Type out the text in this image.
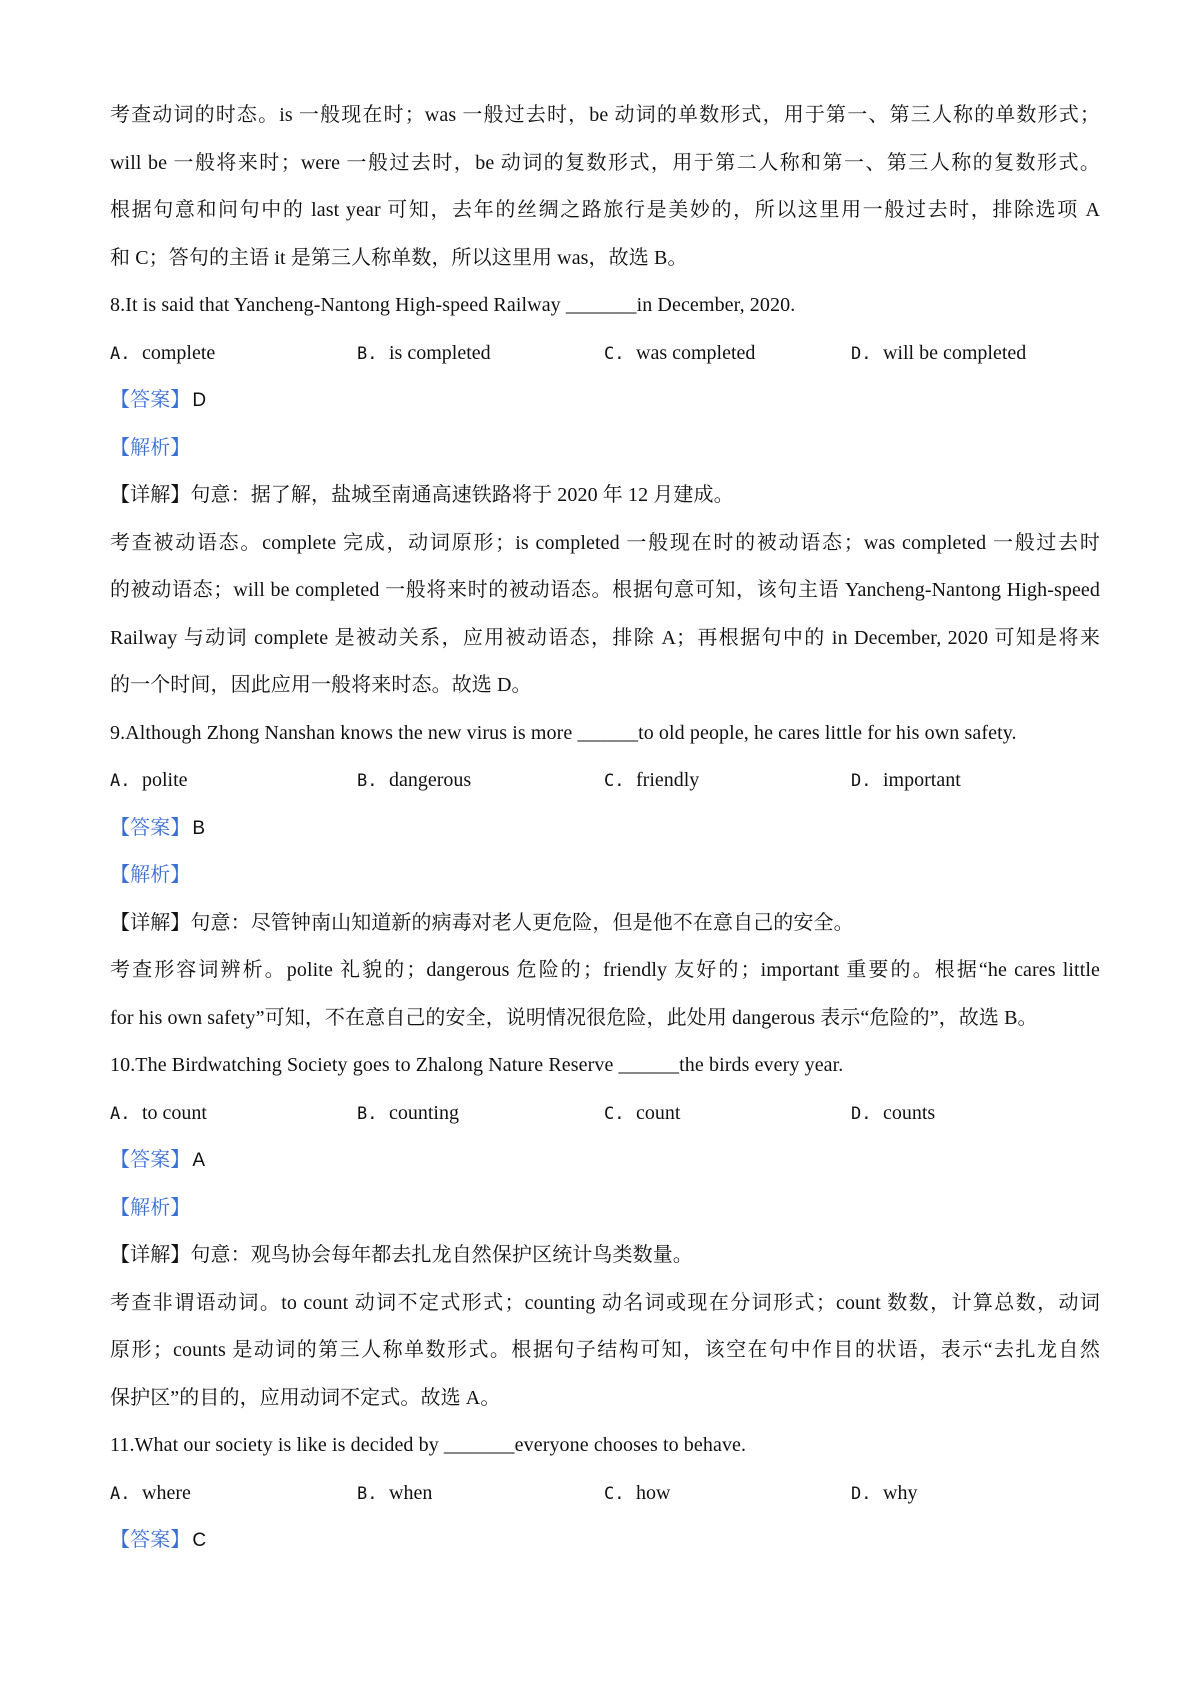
考查动词的时态。is 一般现在时；was 一般过去时，be 动词的单数形式，用于第一、第三人称的单数形式；
will be 一般将来时；were 一般过去时，be 动词的复数形式，用于第二人称和第一、第三人称的复数形式。
根据句意和问句中的 last year 可知，去年的丝绸之路旅行是美妙的，所以这里用一般过去时，排除选项 A
和 C；答句的主语 it 是第三人称单数，所以这里用 was，故选 B。
8.It is said that Yancheng-Nantong High-speed Railway _______in December, 2020.
A. complete	B. is completed	C. was completed	D. will be completed
【答案】 D
【解析】
【详解】句意：据了解，盐城至南通高速铁路将于 2020 年 12 月建成。
考查被动语态。complete 完成，动词原形；is completed 一般现在时的被动语态；was completed 一般过去时
的被动语态；will be completed 一般将来时的被动语态。根据句意可知，该句主语 Yancheng-Nantong High-speed
Railway 与动词 complete 是被动关系，应用被动语态，排除 A；再根据句中的 in December, 2020 可知是将来
的一个时间，因此应用一般将来时态。故选 D。
9.Although Zhong Nanshan knows the new virus is more ______to old people, he cares little for his own safety.
A. polite	B. dangerous	C. friendly	D. important
【答案】 B
【解析】
【详解】句意：尽管钟南山知道新的病毒对老人更危险，但是他不在意自己的安全。
考查形容词辨析。polite 礼貌的；dangerous 危险的；friendly 友好的；important 重要的。根据“he cares little
for his own safety”可知，不在意自己的安全，说明情况很危险，此处用 dangerous 表示“危险的”，故选 B。
10.The Birdwatching Society goes to Zhalong Nature Reserve ______the birds every year.
A. to count	B. counting	C. count	D. counts
【答案】 A
【解析】
【详解】句意：观鸟协会每年都去扎龙自然保护区统计鸟类数量。
考查非谓语动词。to count 动词不定式形式；counting 动名词或现在分词形式；count 数数，计算总数，动词
原形；counts 是动词的第三人称单数形式。根据句子结构可知，该空在句中作目的状语，表示“去扎龙自然
保护区”的目的，应用动词不定式。故选 A。
11.What our society is like is decided by _______everyone chooses to behave.
A. where	B. when	C. how	D. why
【答案】 C
